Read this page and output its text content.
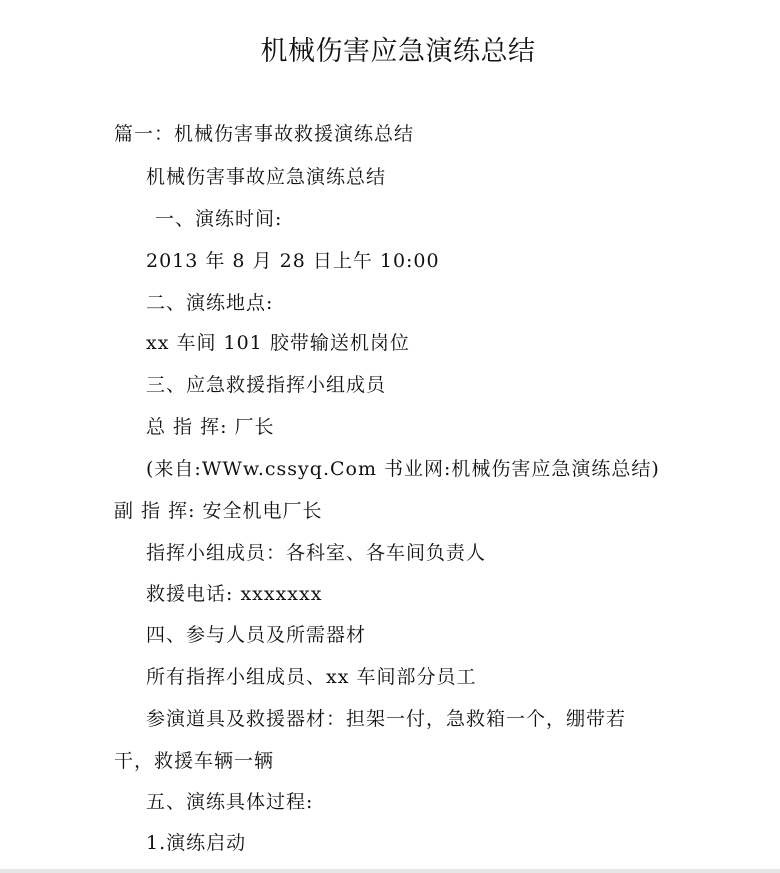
机械伤害应急演练总结
篇一：机械伤害事故救援演练总结
机械伤害事故应急演练总结
一、演练时间:
2013 年 8 月 28 日上午 10:00
二、演练地点:
xx 车间 101 胶带输送机岗位
三、应急救援指挥小组成员
总 指 挥: 厂长
(来自:WWw.cssyq.Com 书业网:机械伤害应急演练总结)
副 指 挥: 安全机电厂长
指挥小组成员：各科室、各车间负责人
救援电话: xxxxxxx
四、参与人员及所需器材
所有指挥小组成员、xx 车间部分员工
参演道具及救援器材：担架一付，急救箱一个，绷带若
干，救援车辆一辆
五、演练具体过程:
1.演练启动
